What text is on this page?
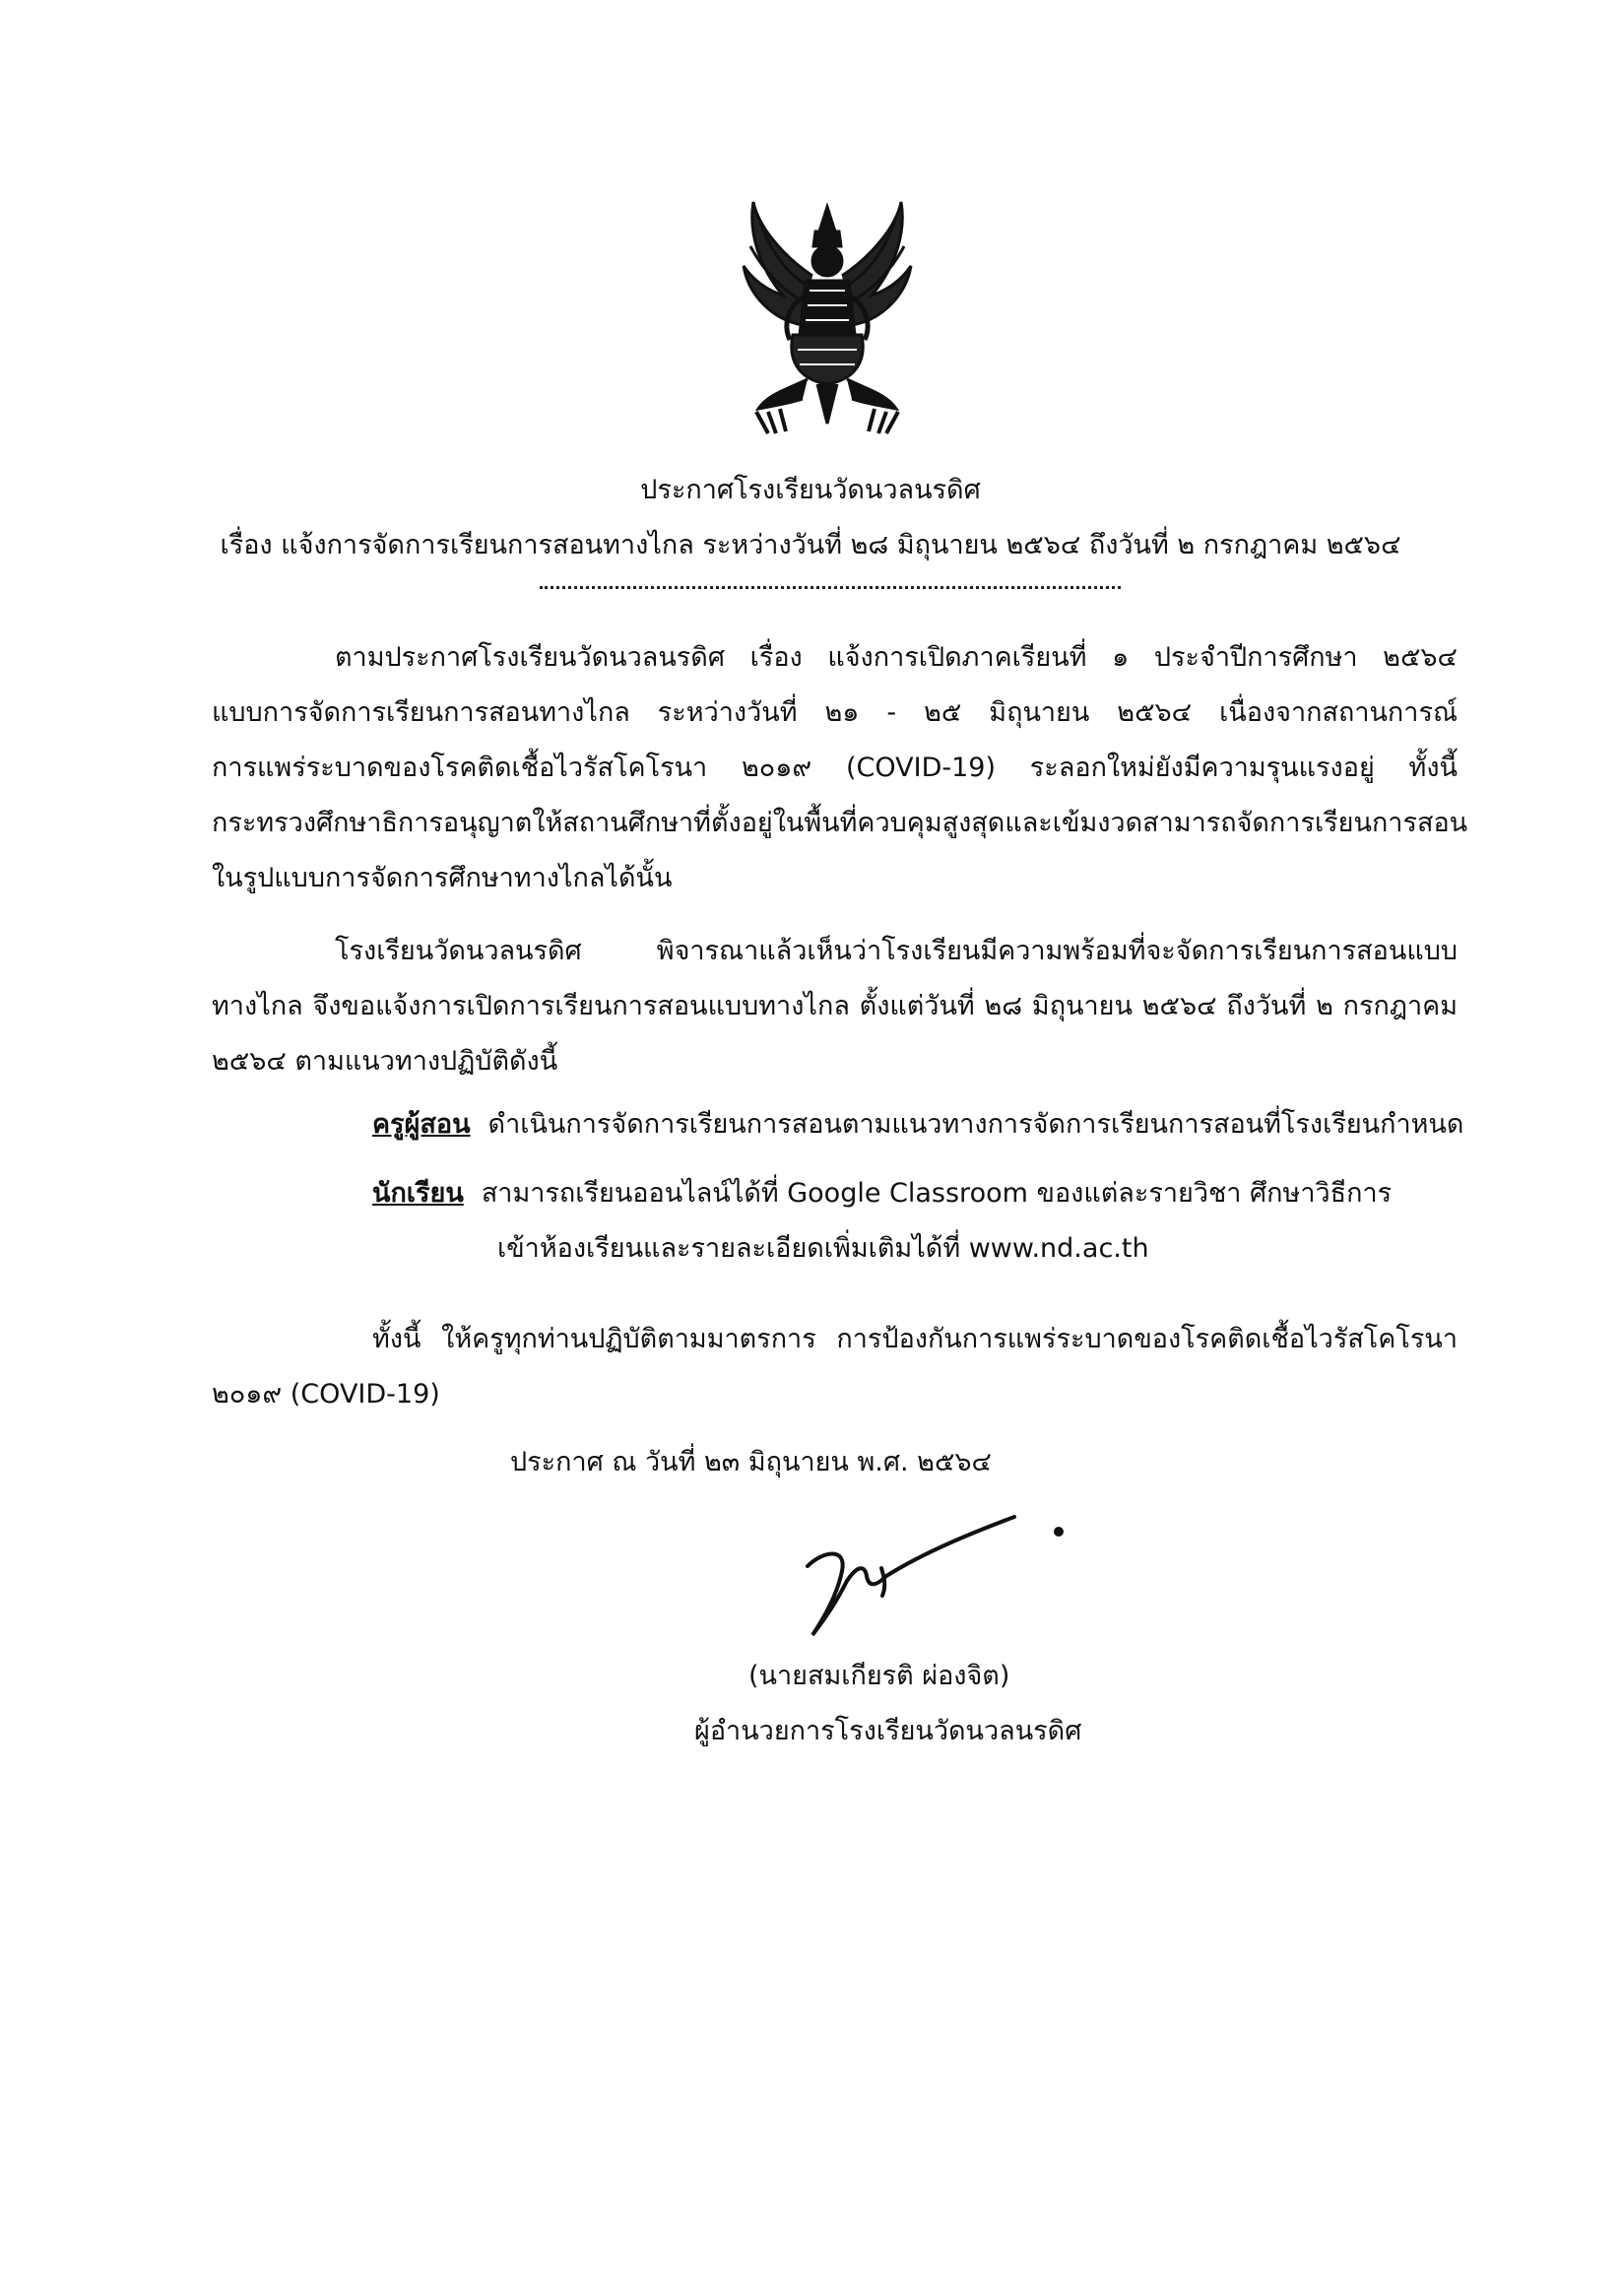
ประกาศโรงเรียนวัดนวลนรดิศ
เรื่อง แจ้งการจัดการเรียนการสอนทางไกล ระหว่างวันที่ ๒๘ มิถุนายน ๒๕๖๔ ถึงวันที่ ๒ กรกฎาคม ๒๕๖๔
ตามประกาศโรงเรียนวัดนวลนรดิศ เรื่อง แจ้งการเปิดภาคเรียนที่ ๑ ประจำปีการศึกษา ๒๕๖๔
แบบการจัดการเรียนการสอนทางไกล ระหว่างวันที่ ๒๑ - ๒๕ มิถุนายน ๒๕๖๔ เนื่องจากสถานการณ์
การแพร่ระบาดของโรคติดเชื้อไวรัสโคโรนา ๒๐๑๙ (COVID-19) ระลอกใหม่ยังมีความรุนแรงอยู่ ทั้งนี้
กระทรวงศึกษาธิการอนุญาตให้สถานศึกษาที่ตั้งอยู่ในพื้นที่ควบคุมสูงสุดและเข้มงวดสามารถจัดการเรียนการสอน
ในรูปแบบการจัดการศึกษาทางไกลได้นั้น
โรงเรียนวัดนวลนรดิศ พิจารณาแล้วเห็นว่าโรงเรียนมีความพร้อมที่จะจัดการเรียนการสอนแบบ
ทางไกล จึงขอแจ้งการเปิดการเรียนการสอนแบบทางไกล ตั้งแต่วันที่ ๒๘ มิถุนายน ๒๕๖๔ ถึงวันที่ ๒ กรกฎาคม
๒๕๖๔ ตามแนวทางปฏิบัติดังนี้
ครูผู้สอน ดำเนินการจัดการเรียนการสอนตามแนวทางการจัดการเรียนการสอนที่โรงเรียนกำหนด
นักเรียน สามารถเรียนออนไลน์ได้ที่ Google Classroom ของแต่ละรายวิชา ศึกษาวิธีการ
เข้าห้องเรียนและรายละเอียดเพิ่มเติมได้ที่ www.nd.ac.th
ทั้งนี้ ให้ครูทุกท่านปฏิบัติตามมาตรการ การป้องกันการแพร่ระบาดของโรคติดเชื้อไวรัสโคโรนา
๒๐๑๙ (COVID-19)
ประกาศ ณ วันที่ ๒๓ มิถุนายน พ.ศ. ๒๕๖๔
(นายสมเกียรติ ผ่องจิต)
ผู้อำนวยการโรงเรียนวัดนวลนรดิศ
